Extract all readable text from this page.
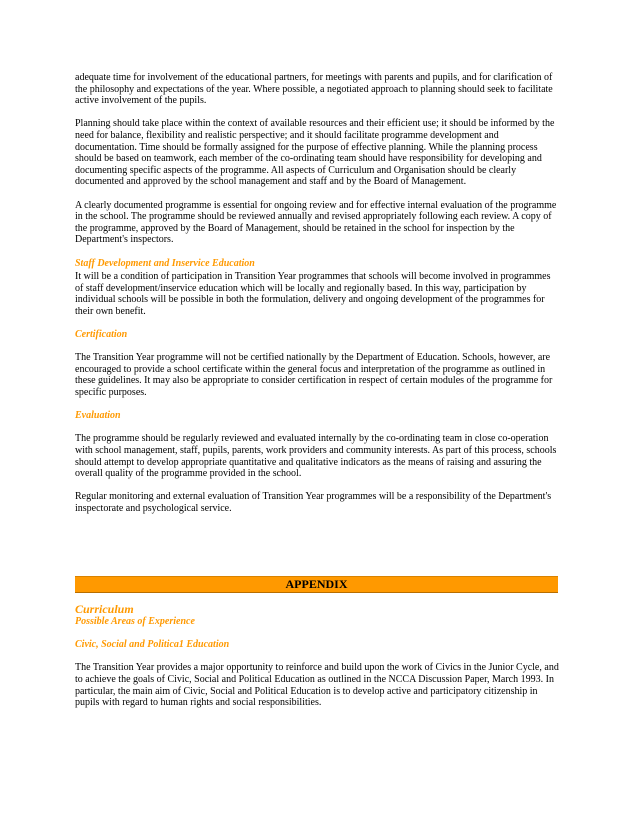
adequate time for involvement of the educational partners, for meetings with parents and pupils, and for clarification of the philosophy and expectations of the year. Where possible, a negotiated approach to planning should seek to facilitate active involvement of the pupils.

Planning should take place within the context of available resources and their efficient use; it should be informed by the need for balance, flexibility and realistic perspective; and it should facilitate programme development and documentation. Time should be formally assigned for the purpose of effective planning. While the planning process should be based on teamwork, each member of the co-ordinating team should have responsibility for developing and documenting specific aspects of the programme. All aspects of Curriculum and Organisation should be clearly documented and approved by the school management and staff and by the Board of Management.

A clearly documented programme is essential for ongoing review and for effective internal evaluation of the programme in the school. The programme should be reviewed annually and revised appropriately following each review. A copy of the programme, approved by the Board of Management, should be retained in the school for inspection by the Department's inspectors.

Staff Development and Inservice Education

It will be a condition of participation in Transition Year programmes that schools will become involved in programmes of staff development/inservice education which will be locally and regionally based. In this way, participation by individual schools will be possible in both the formulation, delivery and ongoing development of the programmes for their own benefit.

Certification

The Transition Year programme will not be certified nationally by the Department of Education. Schools, however, are encouraged to provide a school certificate within the general focus and interpretation of the programme as outlined in these guidelines. It may also be appropriate to consider certification in respect of certain modules of the programme for specific purposes.

Evaluation

The programme should be regularly reviewed and evaluated internally by the co-ordinating team in close co-operation with school management, staff, pupils, parents, work providers and community interests. As part of this process, schools should attempt to develop appropriate quantitative and qualitative indicators as the means of raising and assuring the overall quality of the programme provided in the school.

Regular monitoring and external evaluation of Transition Year programmes will be a responsibility of the Department's inspectorate and psychological service.

APPENDIX
Curriculum
Possible Areas of Experience
Civic, Social and Politica1 Education

The Transition Year provides a major opportunity to reinforce and build upon the work of Civics in the Junior Cycle, and to achieve the goals of Civic, Social and Political Education as outlined in the NCCA Discussion Paper, March 1993. In particular, the main aim of Civic, Social and Political Education is to develop active and participatory citizenship in pupils with regard to human rights and social responsibilities.
